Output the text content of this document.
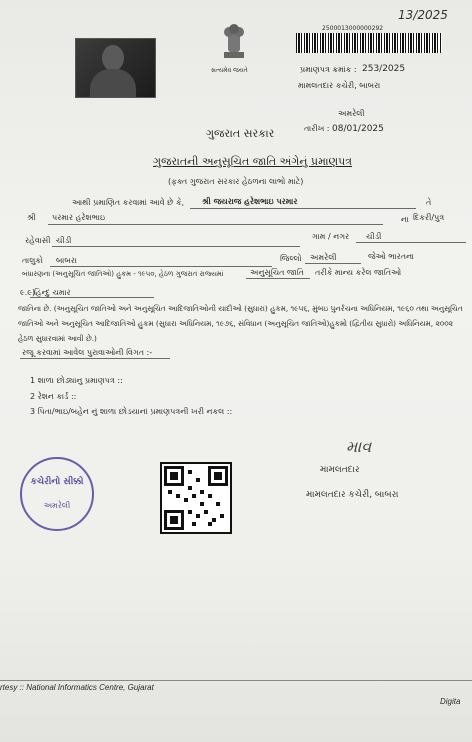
13/2025
સત્યમેવ જયતે
2500013000000292
પ્રમાણપત્ર ક્રમાંક : 253/2025
મામલતદાર કચેરી, બાબરા
અમરેલી
તારીખ : 08/01/2025
ગુજરાત સરકાર
ગુજરાતની અનુસૂચિત જાતિ અંગેનું પ્રમાણપત્ર
(ફક્ત ગુજરાત સરકાર હેઠળના લાભો માટે)
આથી પ્રમાણિત કરવામાં આવે છે કે, શ્રી જયરાજ હરેશભાઇ પરમાર	તે
શ્રી પરમાર હરેશભાઇ	ના દિકરી/પુત્ર
રહેવાસી ચીડી	ગામ / નગર ચીડી
તાલુકો બાબરા	જિલ્લો અમરેલી	જેઓ ભારતના
બંધારણના (અનુસૂચિત જાતિઓ) હુકમ - ૧૯૫૦, હેઠળ ગુજરાત રાજ્યમાં	અનુસૂચિત જાતિ તરીકે માન્ય કરેલ જાતિઓ
૯.૯)
હિન્દુ ચમાર
જાતિના છે. (અનુસૂચિત જાતિઓ અને અનુસૂચિત આદિજાતિઓની યાદીઓ (સુધારા) હુકમ, ૧૯૫૬, મુંબઇ પુનર્રચના અધિનિયમ, ૧૯૬૦ તથા અનુસૂચિત જાતિઓ અને અનુસૂચિત આદિજાતિઓ હુકમ (સુધારા અધિનિયમ, ૧૯૭૬, સંવિધાન (અનુસૂચિત જાતિઓ)હુકમો (દ્વિતીય સુધારો) અધિનિયમ, ૨૦૦૨ હેઠળ સુધારવામાં આવી છે.)
રજૂ કરવામાં આવેલ પુરાવાઓની વિગત :-
1 શાળા છોડ્યાનુ પ્રમાણપત્ર ::
2 રેશન કાર્ડ ::
3 પિતા/ભાઇ/બહેન નું શાળા છોડયાનાં પ્રમાણપત્રની ખરી નકલ ::
કચેરીનો સીક્કો
અમરેલી
માવ
મામલતદાર
મામલતદાર કચેરી, બાબરા
rtesy :: National Informatics Centre, Gujarat
Digita
